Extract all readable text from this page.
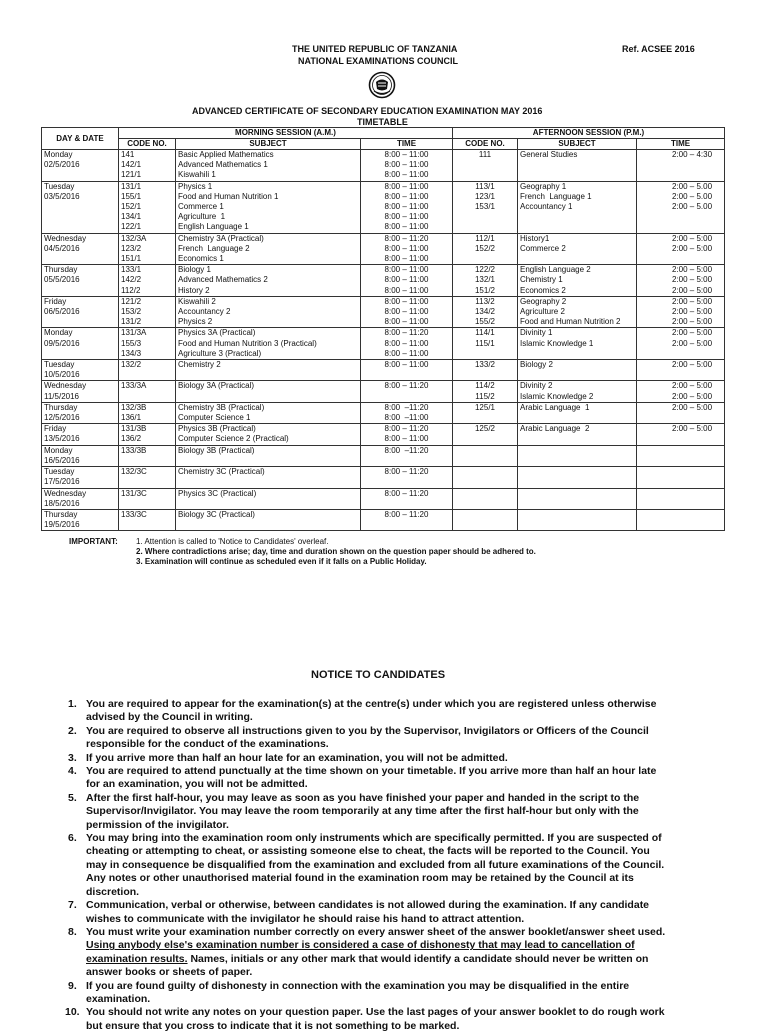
THE UNITED REPUBLIC OF TANZANIA
NATIONAL EXAMINATIONS COUNCIL
Ref. ACSEE 2016
ADVANCED CERTIFICATE OF SECONDARY EDUCATION EXAMINATION MAY 2016
TIMETABLE
DAY & DATE	MORNING SESSION (A.M.)			AFTERNOON SESSION (P.M.)		
	CODE NO.	SUBJECT	TIME	CODE NO.	SUBJECT	TIME
Monday
02/5/2016	141
142/1
121/1	Basic Applied Mathematics
Advanced Mathematics 1
Kiswahili 1	8:00 – 11:00
8:00 – 11:00
8:00 – 11:00	111	General Studies	2:00 – 4:30
Tuesday
03/5/2016	131/1
155/1
152/1
134/1
122/1	Physics 1
Food and Human Nutrition 1
Commerce 1
Agriculture  1
English Language 1	8:00 – 11:00
8:00 – 11:00
8:00 – 11:00
8:00 – 11:00
8:00 – 11:00	113/1
123/1
153/1	Geography 1
French  Language 1
Accountancy 1	2:00 – 5.00
2:00 – 5.00
2:00 – 5.00
Wednesday
04/5/2016	132/3A
123/2
151/1	Chemistry 3A (Practical)
French  Language 2
Economics 1	8:00 – 11:20
8:00 – 11:00
8:00 – 11:00	112/1
152/2	History1
Commerce 2	2:00 – 5:00
2:00 – 5:00
Thursday
05/5/2016	133/1
142/2
112/2	Biology 1
Advanced Mathematics 2
History 2	8:00 – 11:00
8:00 – 11:00
8:00 – 11:00	122/2
132/1
151/2	English Language 2
Chemistry 1
Economics 2	2:00 – 5:00
2:00 – 5:00
2:00 – 5:00
Friday
06/5/2016	121/2
153/2
131/2	Kiswahili 2
Accountancy 2
Physics 2	8:00 – 11:00
8:00 – 11:00
8:00 – 11:00	113/2
134/2
155/2	Geography 2
Agriculture 2
Food and Human Nutrition 2	2:00 – 5:00
2:00 – 5:00
2:00 – 5:00
Monday
09/5/2016	131/3A
155/3
134/3	Physics 3A (Practical)
Food and Human Nutrition 3 (Practical)
Agriculture 3 (Practical)	8:00 – 11:20
8:00 – 11:00
8:00 – 11:00	114/1
115/1	Divinity 1
Islamic Knowledge 1	2:00 – 5:00
2:00 – 5:00
Tuesday
10/5/2016	132/2	Chemistry 2	8:00 – 11:00	133/2	Biology 2	2:00 – 5:00
Wednesday
11/5/2016	133/3A	Biology 3A (Practical)	8:00 – 11:20	114/2
115/2	Divinity 2
Islamic Knowledge 2	2:00 – 5:00
2:00 – 5:00
Thursday
12/5/2016	132/3B
136/1	Chemistry 3B (Practical)
Computer Science 1	8:00  –11:20
8:00  –11:00	125/1	Arabic Language  1	2:00 – 5:00
Friday
13/5/2016	131/3B
136/2	Physics 3B (Practical)
Computer Science 2 (Practical)	8:00 – 11:20
8:00 – 11:00	125/2	Arabic Language  2	2:00 – 5:00
Monday
16/5/2016	133/3B	Biology 3B (Practical)	8:00  –11:20			
Tuesday
17/5/2016	132/3C	Chemistry 3C (Practical)	8:00 – 11:20			
Wednesday
18/5/2016	131/3C	Physics 3C (Practical)	8:00 – 11:20			
Thursday
19/5/2016	133/3C	Biology 3C (Practical)	8:00 – 11:20			
IMPORTANT: 1. Attention is called to 'Notice to Candidates' overleaf.
2. Where contradictions arise; day, time and duration shown on the question paper should be adhered to.
3. Examination will continue as scheduled even if it falls on a Public Holiday.
NOTICE TO CANDIDATES
1. You are required to appear for the examination(s) at the centre(s) under which you are registered unless otherwise advised by the Council in writing.
2. You are required to observe all instructions given to you by the Supervisor, Invigilators or Officers of the Council responsible for the conduct of the examinations.
3. If you arrive more than half an hour late for an examination, you will not be admitted.
4. You are required to attend punctually at the time shown on your timetable. If you arrive more than half an hour late for an examination, you will not be admitted.
5. After the first half-hour, you may leave as soon as you have finished your paper and handed in the script to the Supervisor/Invigilator. You may leave the room temporarily at any time after the first half-hour but only with the permission of the invigilator.
6. You may bring into the examination room only instruments which are specifically permitted. If you are suspected of cheating or attempting to cheat, or assisting someone else to cheat, the facts will be reported to the Council. You may in consequence be disqualified from the examination and excluded from all future examinations of the Council. Any notes or other unauthorised material found in the examination room may be retained by the Council at its discretion.
7. Communication, verbal or otherwise, between candidates is not allowed during the examination. If any candidate wishes to communicate with the invigilator he should raise his hand to attract attention.
8. You must write your examination number correctly on every answer sheet of the answer booklet/answer sheet used. Using anybody else's examination number is considered a case of dishonesty that may lead to cancellation of examination results. Names, initials or any other mark that would identify a candidate should never be written on answer books or sheets of paper.
9. If you are found guilty of dishonesty in connection with the examination you may be disqualified in the entire examination.
10. You should not write any notes on your question paper. Use the last pages of your answer booklet to do rough work but ensure that you cross to indicate that it is not something to be marked.
